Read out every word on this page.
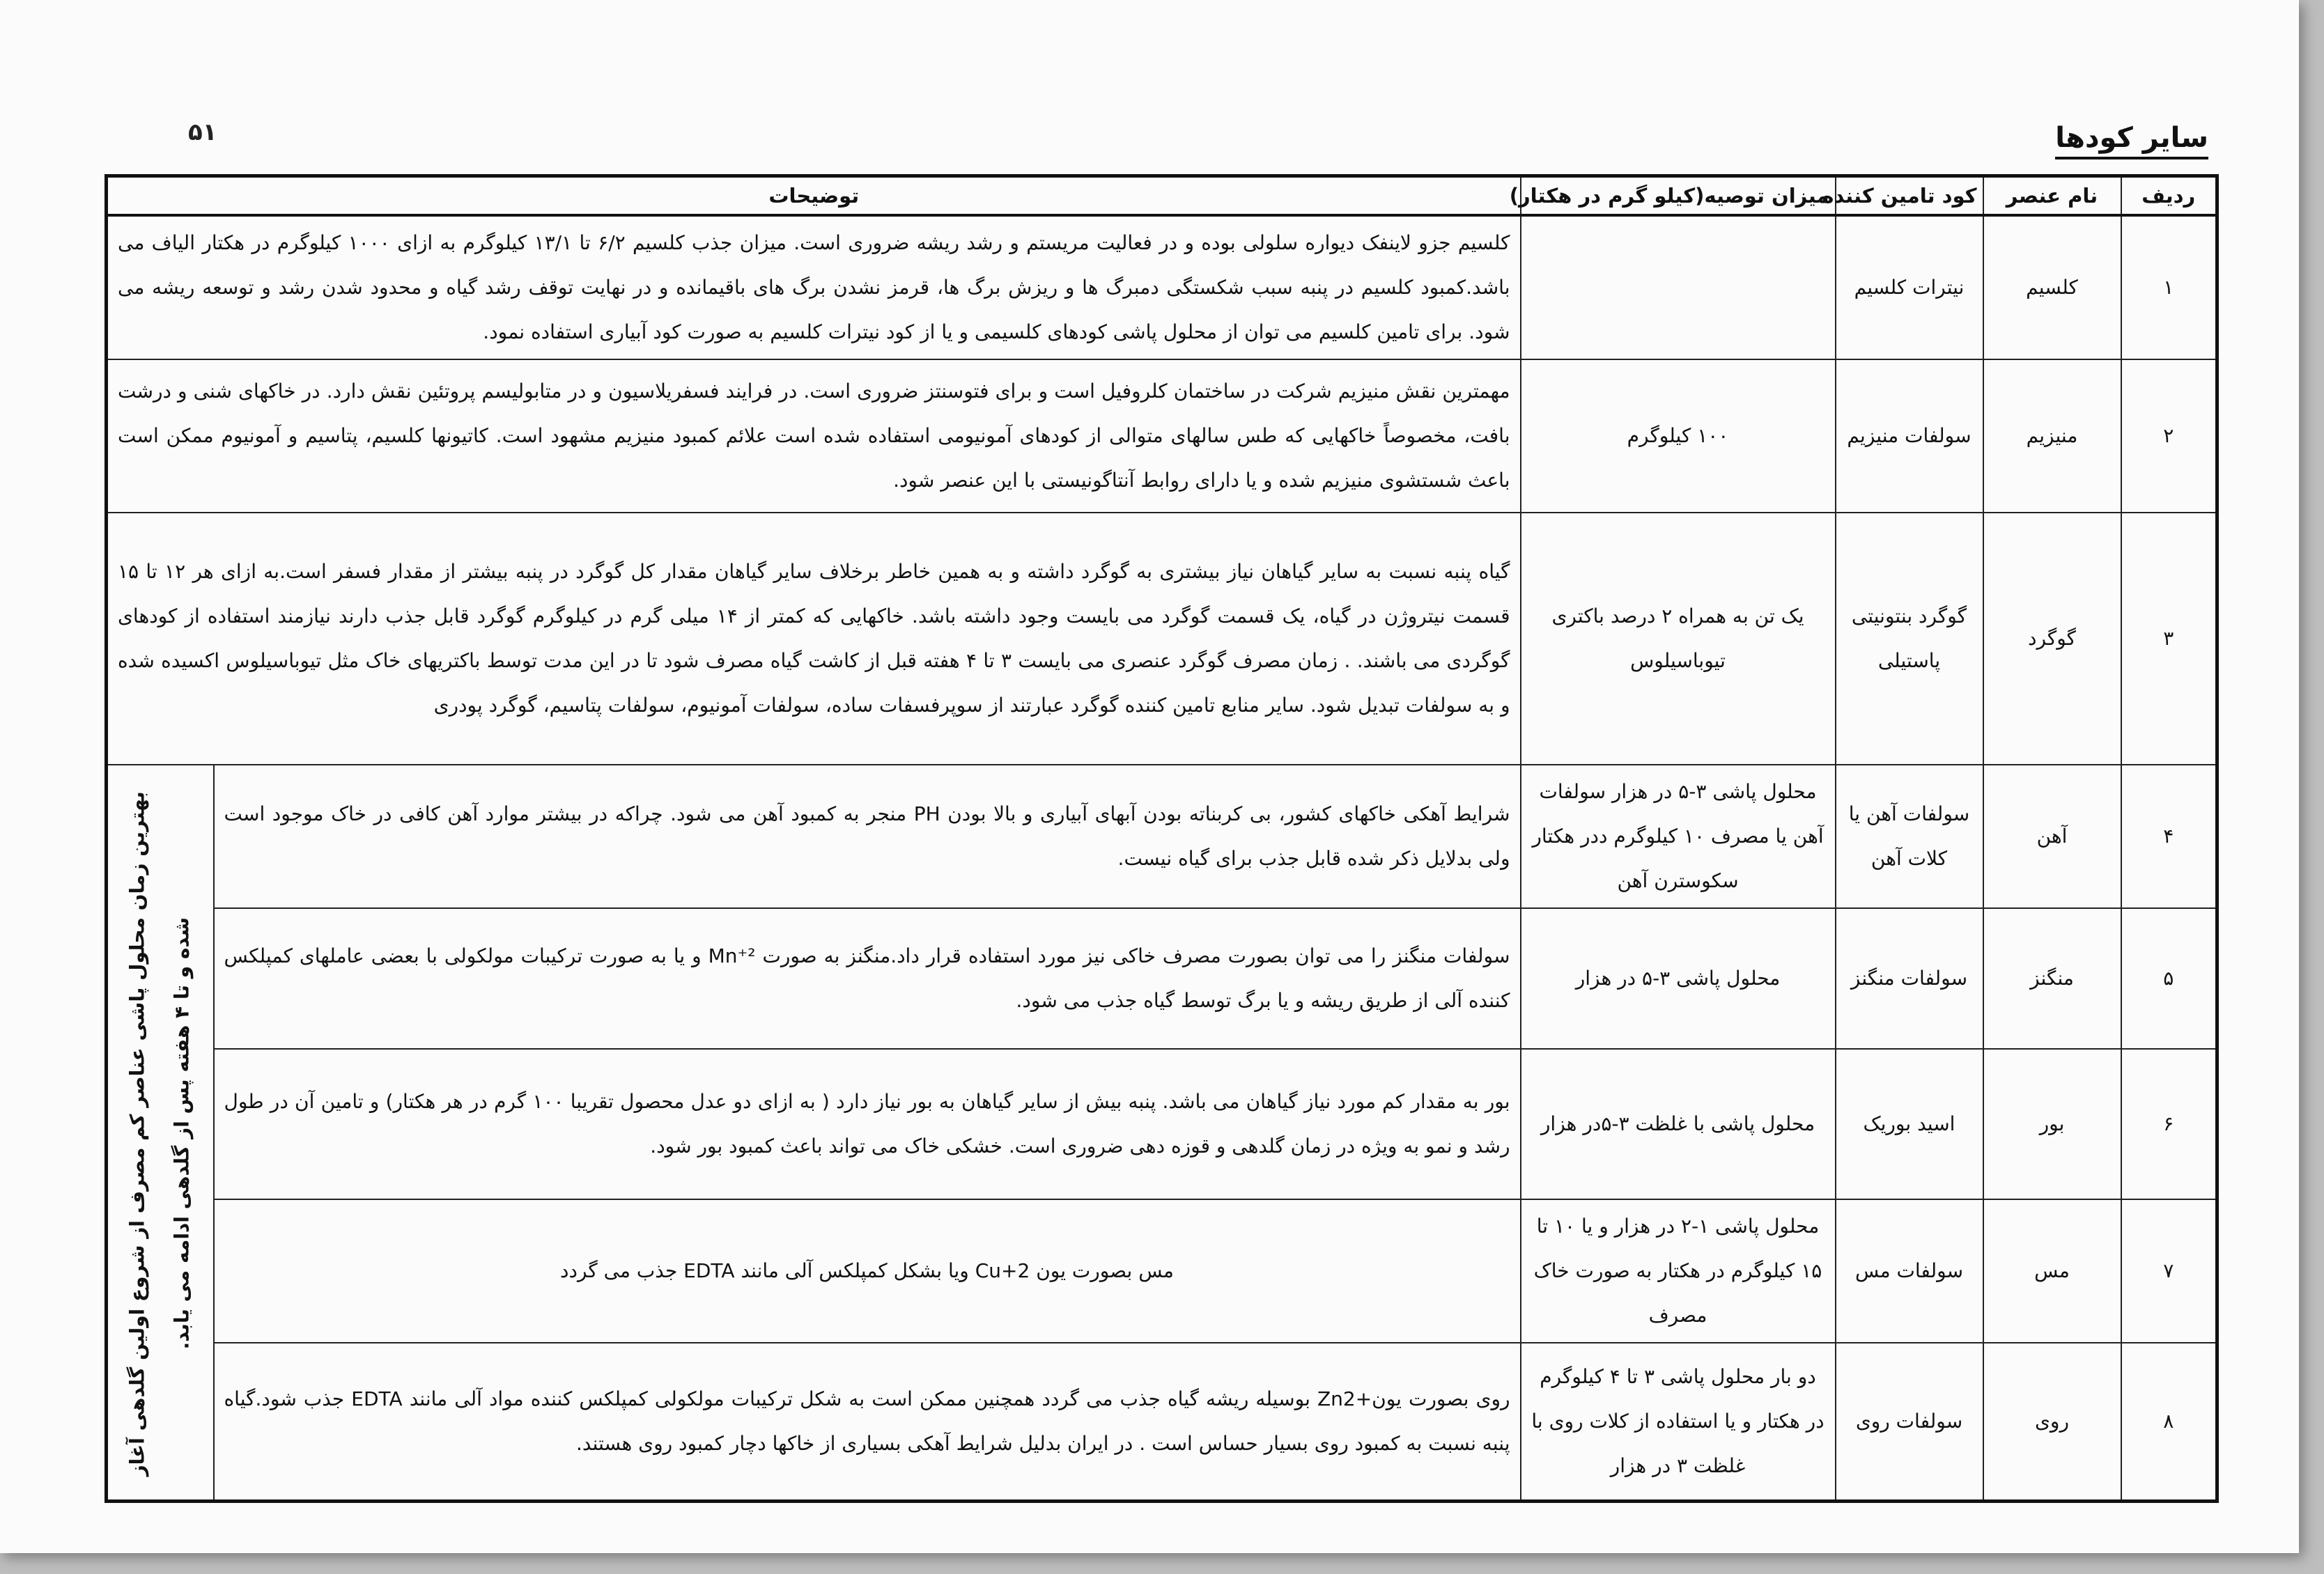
۵۱	سایر کودها
ردیف	نام عنصر	کود تامین کننده	میزان توصیه(کیلو گرم در هکتار)	توضیحات	
۱	کلسیم	نیترات کلسیم		کلسیم جزو لاینفک دیواره سلولی بوده و در فعالیت مریستم و رشد ریشه ضروری است. میزان جذب کلسیم ۶/۲ تا ۱۳/۱ کیلوگرم به ازای ۱۰۰۰ کیلوگرم در هکتار الیاف می باشد.کمبود کلسیم در پنبه سبب شکستگی دمبرگ ها و ریزش برگ ها، قرمز نشدن برگ های باقیمانده و در نهایت توقف رشد گیاه و محدود شدن رشد و توسعه ریشه می شود. برای تامین کلسیم می توان از محلول پاشی کودهای کلسیمی و یا از کود نیترات کلسیم به صورت کود آبیاری استفاده نمود.	
۲	منیزیم	سولفات منیزیم	۱۰۰ کیلوگرم	مهمترین نقش منیزیم شرکت در ساختمان کلروفیل است و برای فتوسنتز ضروری است. در فرایند فسفریلاسیون و در متابولیسم پروتئین نقش دارد. در خاکهای شنی و درشت بافت، مخصوصاً خاکهایی که طس سالهای متوالی از کودهای آمونیومی استفاده شده است علائم کمبود منیزیم مشهود است. کاتیونها کلسیم، پتاسیم و آمونیوم ممکن است باعث شستشوی منیزیم شده و یا دارای روابط آنتاگونیستی با این عنصر شود.	
۳	گوگرد	گوگرد بنتونیتی پاستیلی	یک تن به همراه ۲ درصد باکتری تیوباسیلوس	گیاه پنبه نسبت به سایر گیاهان نیاز بیشتری به گوگرد داشته و به همین خاطر برخلاف سایر گیاهان مقدار کل گوگرد در پنبه بیشتر از مقدار فسفر است.به ازای هر ۱۲ تا ۱۵ قسمت نیتروژن در گیاه، یک قسمت گوگرد می بایست وجود داشته باشد. خاکهایی که کمتر از ۱۴ میلی گرم در کیلوگرم گوگرد قابل جذب دارند نیازمند استفاده از کودهای گوگردی می باشند. . زمان مصرف گوگرد عنصری می بایست ۳ تا ۴ هفته قبل از کاشت گیاه مصرف شود تا در این مدت توسط باکتریهای خاک مثل تیوباسیلوس اکسیده شده و به سولفات تبدیل شود. سایر منابع تامین کننده گوگرد عبارتند از سوپرفسفات ساده، سولفات آمونیوم، سولفات پتاسیم، گوگرد پودری	
۴	آهن	سولفات آهن یا کلات آهن	محلول پاشی ۳-۵ در هزار سولفات آهن یا مصرف ۱۰ کیلوگرم ددر هکتار سکوسترن آهن	شرایط آهکی خاکهای کشور، بی کربناته بودن آبهای آبیاری و بالا بودن PH منجر به کمبود آهن می شود. چراکه در بیشتر موارد آهن کافی در خاک موجود است ولی بدلایل ذکر شده قابل جذب برای گیاه نیست.	بهترین زمان محلول پاشی عناصر کم مصرف از شروع اولین گلدهی آغاز شده و تا ۴ هفته پس از گلدهی ادامه می یابد.
۵	منگنز	سولفات منگنز	محلول پاشی ۳-۵ در هزار	سولفات منگنز را می توان بصورت مصرف خاکی نیز مورد استفاده قرار داد.منگنز به صورت Mn⁺² و یا به صورت ترکیبات مولکولی با بعضی عاملهای کمپلکس کننده آلی از طریق ریشه و یا برگ توسط گیاه جذب می شود.	
۶	بور	اسید بوریک	محلول پاشی با غلظت ۳-۵در هزار	بور به مقدار کم مورد نیاز گیاهان می باشد. پنبه بیش از سایر گیاهان به بور نیاز دارد ( به ازای دو عدل محصول تقریبا ۱۰۰ گرم در هر هکتار) و تامین آن در طول رشد و نمو به ویژه در زمان گلدهی و قوزه دهی ضروری است. خشکی خاک می تواند باعث کمبود بور شود.	
۷	مس	سولفات مس	محلول پاشی ۱-۲ در هزار و یا ۱۰ تا ۱۵ کیلوگرم در هکتار به صورت خاک مصرف	مس بصورت یون Cu+2 ویا بشکل کمپلکس آلی مانند EDTA جذب می گردد	
۸	روی	سولفات روی	دو بار محلول پاشی ۳ تا ۴ کیلوگرم در هکتار و یا استفاده از کلات روی با غلظت ۳ در هزار	روی بصورت یون+Zn2 بوسیله ریشه گیاه جذب می گردد همچنین ممکن است به شکل ترکیبات مولکولی کمپلکس کننده مواد آلی مانند EDTA جذب شود.گیاه پنبه نسبت به کمبود روی بسیار حساس است . در ایران بدلیل شرایط آهکی بسیاری از خاکها دچار کمبود روی هستند.	
